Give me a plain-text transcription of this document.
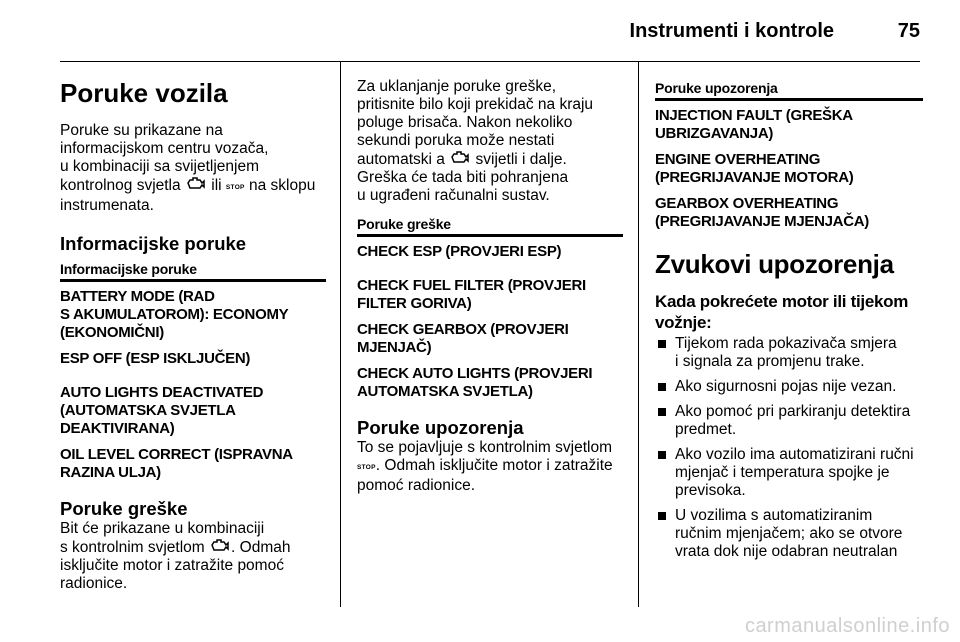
Instrumenti i kontrole	75
Poruke vozila
Poruke su prikazane na
informacijskom centru vozača,
u kombinaciji sa svijetljenjem
kontrolnog svjetla ili STOP na sklopu
instrumenata.
Informacijske poruke
Informacijske poruke
BATTERY MODE (RAD
S AKUMULATOROM): ECONOMY
(EKONOMIČNI)
ESP OFF (ESP ISKLJUČEN)
AUTO LIGHTS DEACTIVATED
(AUTOMATSKA SVJETLA
DEAKTIVIRANA)
OIL LEVEL CORRECT (ISPRAVNA
RAZINA ULJA)
Poruke greške
Bit će prikazane u kombinaciji
s kontrolnim svjetlom . Odmah
isključite motor i zatražite pomoć
radionice.
Za uklanjanje poruke greške,
pritisnite bilo koji prekidač na kraju
poluge brisača. Nakon nekoliko
sekundi poruka može nestati
automatski a svijetli i dalje.
Greška će tada biti pohranjena
u ugrađeni računalni sustav.
Poruke greške
CHECK ESP (PROVJERI ESP)
CHECK FUEL FILTER (PROVJERI
FILTER GORIVA)
CHECK GEARBOX (PROVJERI
MJENJAČ)
CHECK AUTO LIGHTS (PROVJERI
AUTOMATSKA SVJETLA)
Poruke upozorenja
To se pojavljuje s kontrolnim svjetlom
STOP. Odmah isključite motor i zatražite
pomoć radionice.
Poruke upozorenja
INJECTION FAULT (GREŠKA
UBRIZGAVANJA)
ENGINE OVERHEATING
(PREGRIJAVANJE MOTORA)
GEARBOX OVERHEATING
(PREGRIJAVANJE MJENJAČA)
Zvukovi upozorenja
Kada pokrećete motor ili tijekom
vožnje:
Tijekom rada pokazivača smjera
i signala za promjenu trake.
Ako sigurnosni pojas nije vezan.
Ako pomoć pri parkiranju detektira
predmet.
Ako vozilo ima automatizirani ručni
mjenjač i temperatura spojke je
previsoka.
U vozilima s automatiziranim
ručnim mjenjačem; ako se otvore
vrata dok nije odabran neutralan
carmanualsonline.info
